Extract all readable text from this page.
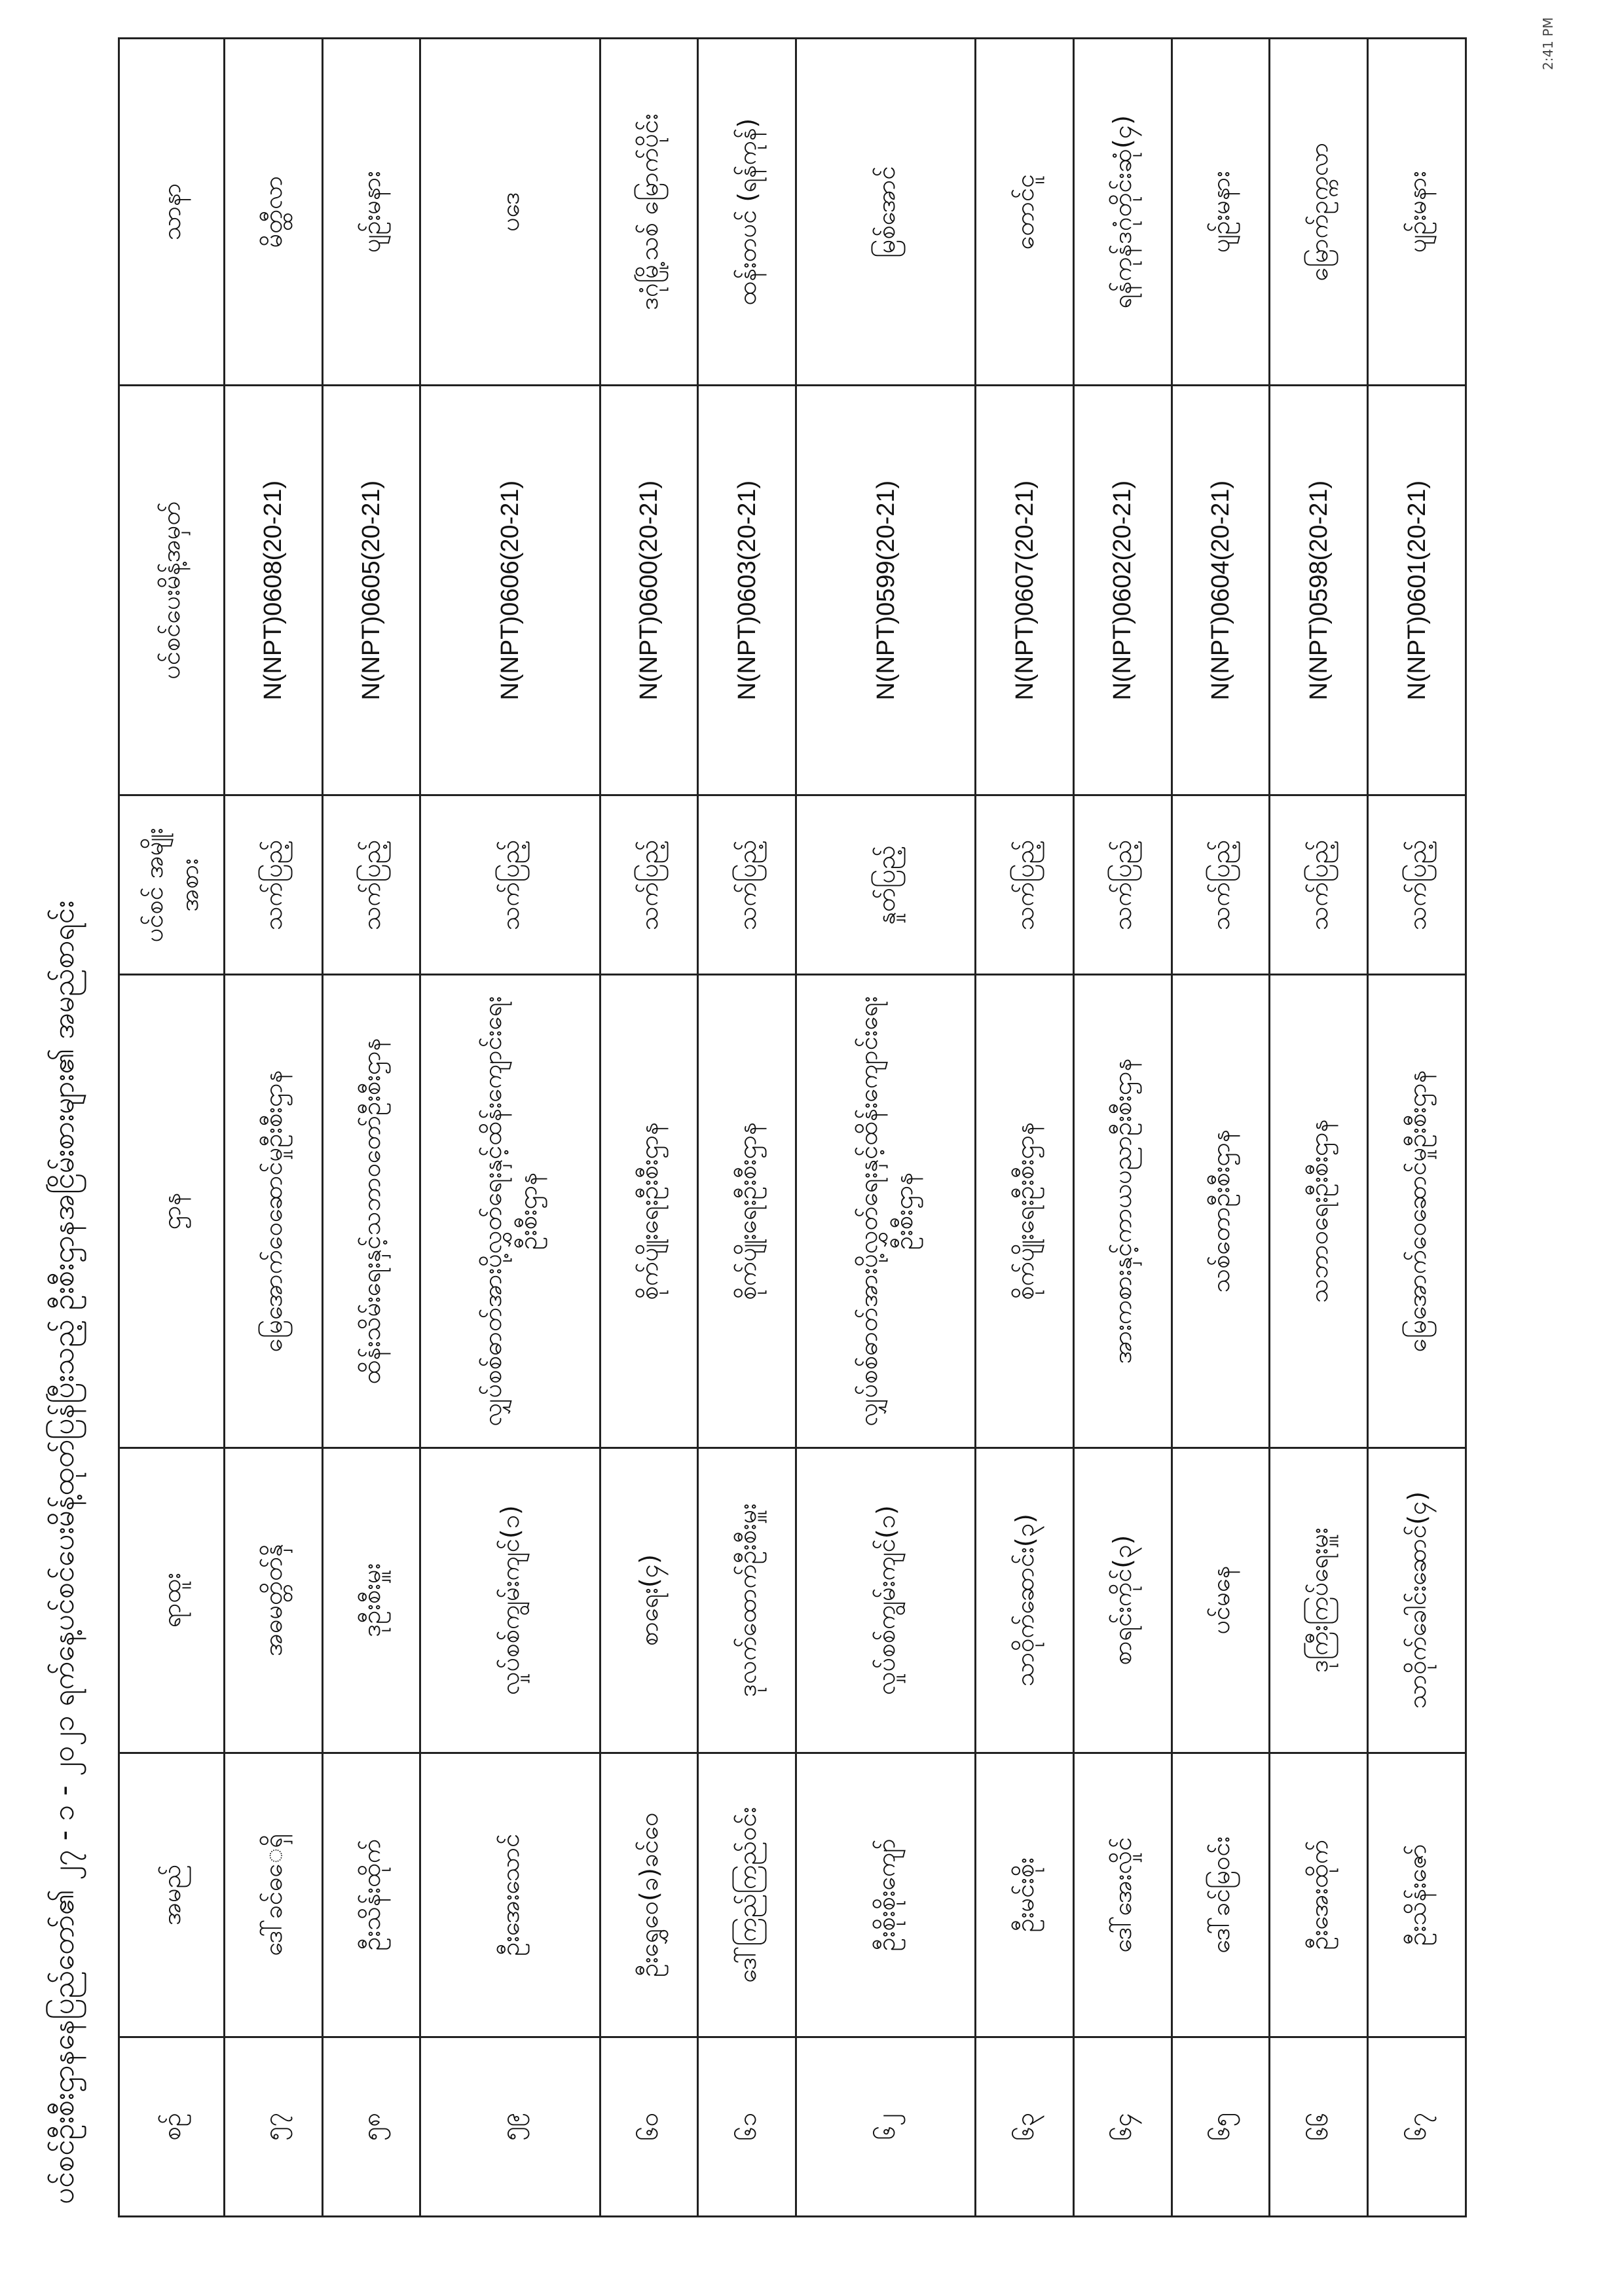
ပင်စင်ဦးစီးဌာနနေပြည်တော်၏ ၂၇ - ၁ - ၂၀၂၁ ရက်နေ့ပင်စင်ပေးမိန့်ထုတ်ပြန်ပြီးသည့် ဦးစီးဌာနအငြိမ်းစားများ၏ အမည်စာရင်း
2:41 PM
စဥ်	အမည်	ရာထူး	ဌာန	ပင်စင် အမျိုးအစား	ပင်စင်ပေးမိန့်အမှတ်	သာနာ
၅၇	ဒေါ်ခင်ဓ‌ေရှိ	အဓမတ္တိတ်နှိ	မြေအောက်ဝေဆောင်မှုဦးစီးဌာန	သက်ပြည့်	N(NPT)0608(20-21)	မိတ္ထီလာ
၅၈	ဦးသိန်းထိုက်	ဒုဦးစီးမှူး	ထိန်းသိမ်းရေးနှင့်သဘာဝတော်ဦးစီးဌာန	သက်ပြည့်	N(NPT)0605(20-21)	ပျဉ်းမနား
၅၉	ဦးအေးသောင်	လှုပ်စစ်ကျွမ်းကျင်(၁)	လျှပ်စစ်ဓာတ်အားပို့လွှတ်ရေးနှင့်ထိန်းကျောင်းရေးဦးစီးဌာန	သက်ပြည့်	N(NPT)0606(20-21)	ပဒေ
၆၀	ဦးရွှေဝေ(ခ)ခင်ဝေ	စာရေး(၄)	စိုက်ပျိုးရေးဦးစီးဌာန	သက်ပြည့်	N(NPT)0600(20-21)	ဒဂုံမြို့သစ် မြောက်ပိုင်း
၆၁	ဒေါ်ကြည်ကြည်ဝင်း	ဒုလက်ထောက်ဦးစီးမှူး	စိုက်ပျိုးရေးဦးစီးဌာန	သက်ပြည့်	N(NPT)0603(20-21)	ထန်းတပင် (ရန်ကုန်)
၆၂	ဦးစိုးစိုးကျော်	လှုပ်စစ်ကျွမ်းကျင်(၁)	လျှပ်စစ်ဓာတ်အားပို့လွှတ်ရေးနှင့်ထိန်းကျောင်းရေးဦးစီးဌာန	နှုတ်ပြည့်	N(NPT)0599(20-21)	မြစ်အောင်
၆၃	ဦးမင်းစိုး	သာဝိုက်ဆောင်း(၃)	စိုက်ပျိုးရေးဦးစီးဌာန	သက်ပြည့်	N(NPT)0607(20-21)	တောင်ငူ
၆၄	ဒေါ်အေးလှိုင်	စာရင်းကိုင်(၃)	အားကစားနှင့်ကာယပညာဦးစီးဌာန	သက်ပြည့်	N(NPT)0602(20-21)	ရန်ကုန်ဒဂုံတိုင်းဆုံ(၄)
၆၅	ဒေါ်ခင်မြဝင်း	ပင်မနေ	သစ်တောဦးစီးဌာန	သက်ပြည့်	N(NPT)0604(20-21)	ပျဉ်းမနား
၆၆	ဦးအေးထိုက်	ဒုကြီးကြပ်ရေးမှူး	သဘာဝရေးဦးစီးဌာန	သက်ပြည့်	N(NPT)0598(20-21)	မြောက်ဥက္ကလာ
၆၇	ဦးသိန်းဇော်	သာဝိုက်ခေါင်းဆောင်(၄)	မြေအောက်ဝေဆောင်မှုဦးစီးဌာန	သက်ပြည့်	N(NPT)0601(20-21)	ပျဉ်းမနား
